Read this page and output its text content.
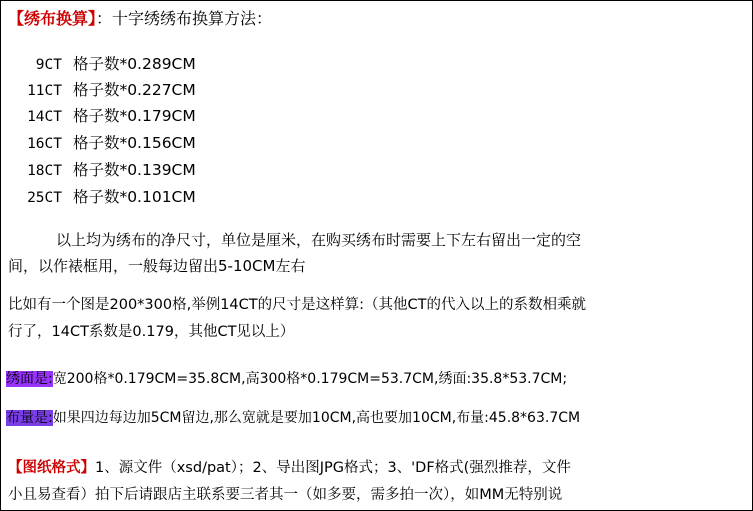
【绣布换算】：十字绣绣布换算方法：
9CT 格子数*0.289CM
11CT 格子数*0.227CM
14CT 格子数*0.179CM
16CT 格子数*0.156CM
18CT 格子数*0.139CM
25CT 格子数*0.101CM
以上均为绣布的净尺寸，单位是厘米，在购买绣布时需要上下左右留出一定的空
间，以作裱框用，一般每边留出5-10CM左右
比如有一个图是200*300格,举例14CT的尺寸是这样算:（其他CT的代入以上的系数相乘就
行了，14CT系数是0.179，其他CT见以上）
绣面是:宽200格*0.179CM=35.8CM,高300格*0.179CM=53.7CM,绣面:35.8*53.7CM;
布量是:如果四边每边加5CM留边,那么宽就是要加10CM,高也要加10CM,布量:45.8*63.7CM
【图纸格式】1、源文件（xsd/pat）；2、导出图JPG格式；3、'DF格式(强烈推荐，文件
小且易查看）拍下后请跟店主联系要三者其一（如多要，需多拍一次），如MM无特别说
